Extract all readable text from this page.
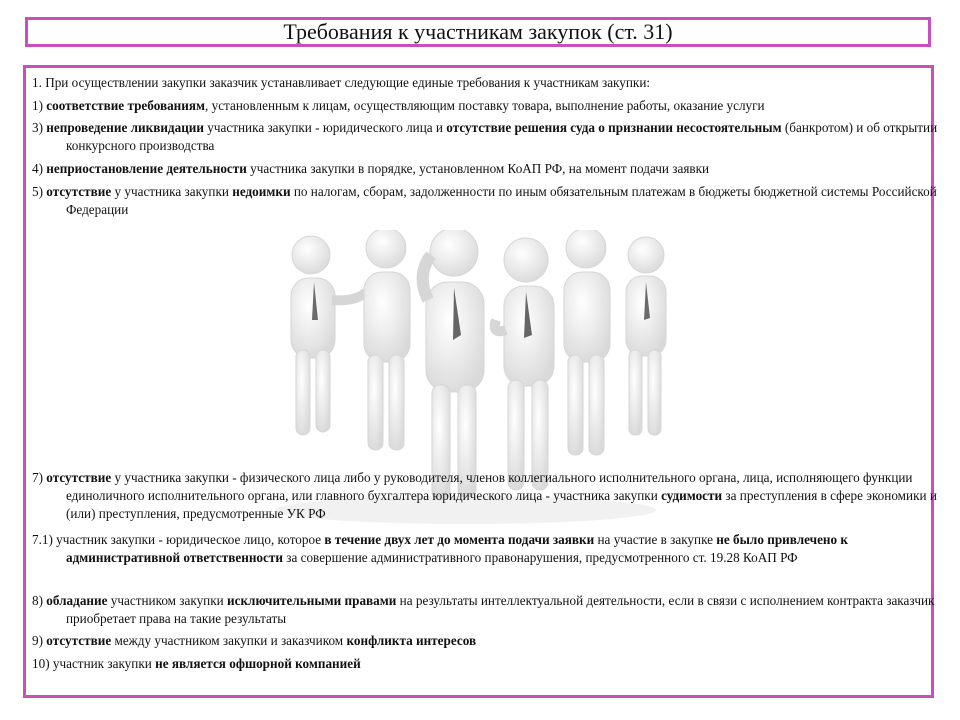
Требования к участникам закупок (ст. 31)
1. При осуществлении закупки заказчик устанавливает следующие единые требования к участникам закупки:
1) соответствие требованиям, установленным к лицам, осуществляющим поставку товара, выполнение работы, оказание услуги
3) непроведение ликвидации участника закупки - юридического лица и отсутствие решения суда о признании несостоятельным (банкротом) и об открытии конкурсного производства
4) неприостановление деятельности участника закупки в порядке, установленном КоАП РФ, на момент подачи заявки
5) отсутствие у участника закупки недоимки по налогам, сборам, задолженности по иным обязательным платежам в бюджеты бюджетной системы Российской Федерации
7) отсутствие у участника закупки - физического лица либо у руководителя, членов коллегиального исполнительного органа, лица, исполняющего функции единоличного исполнительного органа, или главного бухгалтера юридического лица - участника закупки судимости за преступления в сфере экономики и (или) преступления, предусмотренные УК РФ
7.1) участник закупки - юридическое лицо, которое в течение двух лет до момента подачи заявки на участие в закупке не было привлечено к административной ответственности за совершение административного правонарушения, предусмотренного ст. 19.28 КоАП РФ
8) обладание участником закупки исключительными правами на результаты интеллектуальной деятельности, если в связи с исполнением контракта заказчик приобретает права на такие результаты
9) отсутствие между участником закупки и заказчиком конфликта интересов
10) участник закупки не является офшорной компанией
